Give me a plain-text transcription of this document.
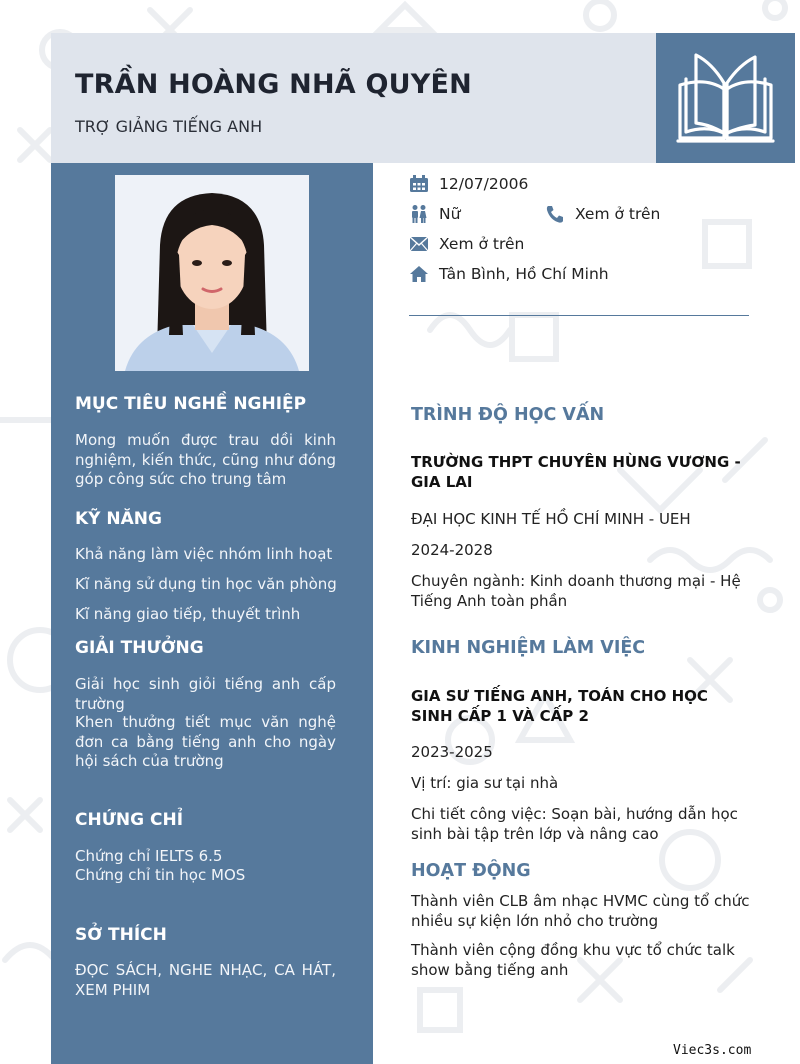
TRẦN HOÀNG NHÃ QUYÊN
TRỢ GIẢNG TIẾNG ANH
MỤC TIÊU NGHỀ NGHIỆP
Mong muốn được trau dồi kinh nghiệm, kiến thức, cũng như đóng góp công sức cho trung tâm
KỸ NĂNG
Khả năng làm việc nhóm linh hoạt
Kĩ năng sử dụng tin học văn phòng
Kĩ năng giao tiếp, thuyết trình
GIẢI THƯỞNG
Giải học sinh giỏi tiếng anh cấp trường
Khen thưởng tiết mục văn nghệ đơn ca bằng tiếng anh cho ngày hội sách của trường
CHỨNG CHỈ
Chứng chỉ IELTS 6.5
Chứng chỉ tin học MOS
SỞ THÍCH
ĐỌC SÁCH, NGHE NHẠC, CA HÁT, XEM PHIM
12/07/2006
Nữ	Xem ở trên
Xem ở trên
Tân Bình, Hồ Chí Minh
TRÌNH ĐỘ HỌC VẤN
TRƯỜNG THPT CHUYÊN HÙNG VƯƠNG - GIA LAI
ĐẠI HỌC KINH TẾ HỒ CHÍ MINH - UEH
2024-2028
Chuyên ngành: Kinh doanh thương mại - Hệ Tiếng Anh toàn phần
KINH NGHIỆM LÀM VIỆC
GIA SƯ TIẾNG ANH, TOÁN CHO HỌC SINH CẤP 1 VÀ CẤP 2
2023-2025
Vị trí: gia sư tại nhà
Chi tiết công việc: Soạn bài, hướng dẫn học sinh bài tập trên lớp và nâng cao
HOẠT ĐỘNG
Thành viên CLB âm nhạc HVMC cùng tổ chức nhiều sự kiện lớn nhỏ cho trường
Thành viên cộng đồng khu vực tổ chức talk show bằng tiếng anh
Viec3s.com
